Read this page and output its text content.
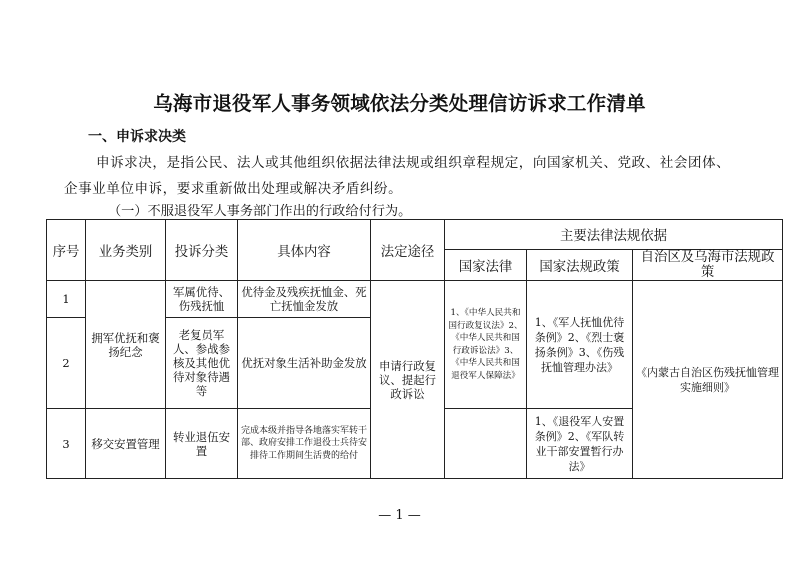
乌海市退役军人事务领域依法分类处理信访诉求工作清单
一、申诉求决类
申诉求决，是指公民、法人或其他组织依据法律法规或组织章程规定，向国家机关、党政、社会团体、企事业单位申诉，要求重新做出处理或解决矛盾纠纷。
（一）不服退役军人事务部门作出的行政给付行为。
序号	业务类别	投诉分类	具体内容	法定途径	主要法律法规依据		
					国家法律	国家法规政策	自治区及乌海市法规政策
1	拥军优抚和褒扬纪念	军属优待、伤残抚恤	优待金及残疾抚恤金、死亡抚恤金发放	申请行政复议、提起行政诉讼	1、《中华人民共和国行政复议法》2、《中华人民共和国行政诉讼法》3、《中华人民共和国退役军人保障法》	1、《军人抚恤优待条例》2、《烈士褒扬条例》3、《伤残抚恤管理办法》	《内蒙古自治区伤残抚恤管理实施细则》
2		老复员军人、参战参核及其他优待对象待遇等	优抚对象生活补助金发放				
3	移交安置管理	转业退伍安置	完成本级并指导各地落实军转干部、政府安排工作退役士兵待安排待工作期间生活费的给付			1、《退役军人安置条例》2、《军队转业干部安置暂行办法》	
— 1 —
